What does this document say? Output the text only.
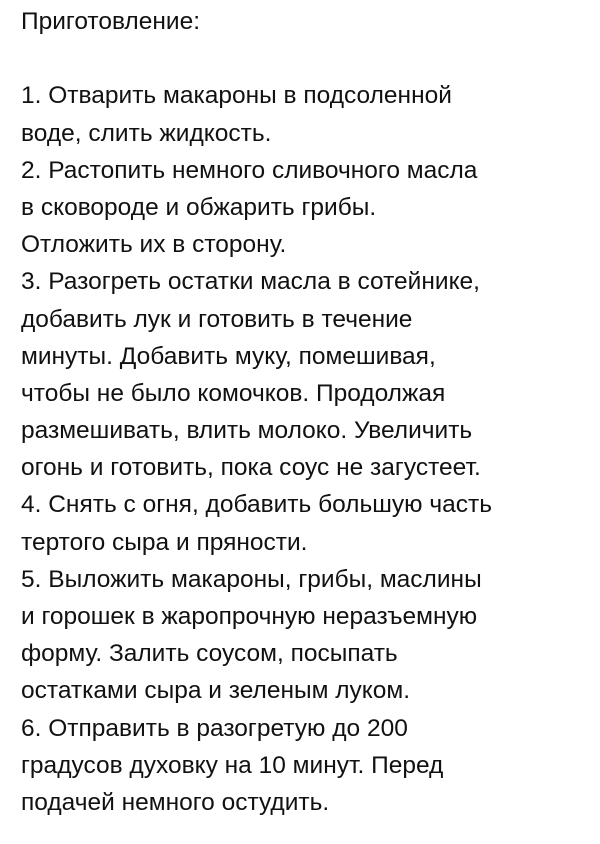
Приготовление:
1. Отварить макароны в подсоленной
воде, слить жидкость.
2. Растопить немного сливочного масла
в сковороде и обжарить грибы.
Отложить их в сторону.
3. Разогреть остатки масла в сотейнике,
добавить лук и готовить в течение
минуты. Добавить муку, помешивая,
чтобы не было комочков. Продолжая
размешивать, влить молоко. Увеличить
огонь и готовить, пока соус не загустеет.
4. Снять с огня, добавить большую часть
тертого сыра и пряности.
5. Выложить макароны, грибы, маслины
и горошек в жаропрочную неразъемную
форму. Залить соусом, посыпать
остатками сыра и зеленым луком.
6. Отправить в разогретую до 200
градусов духовку на 10 минут. Перед
подачей немного остудить.
